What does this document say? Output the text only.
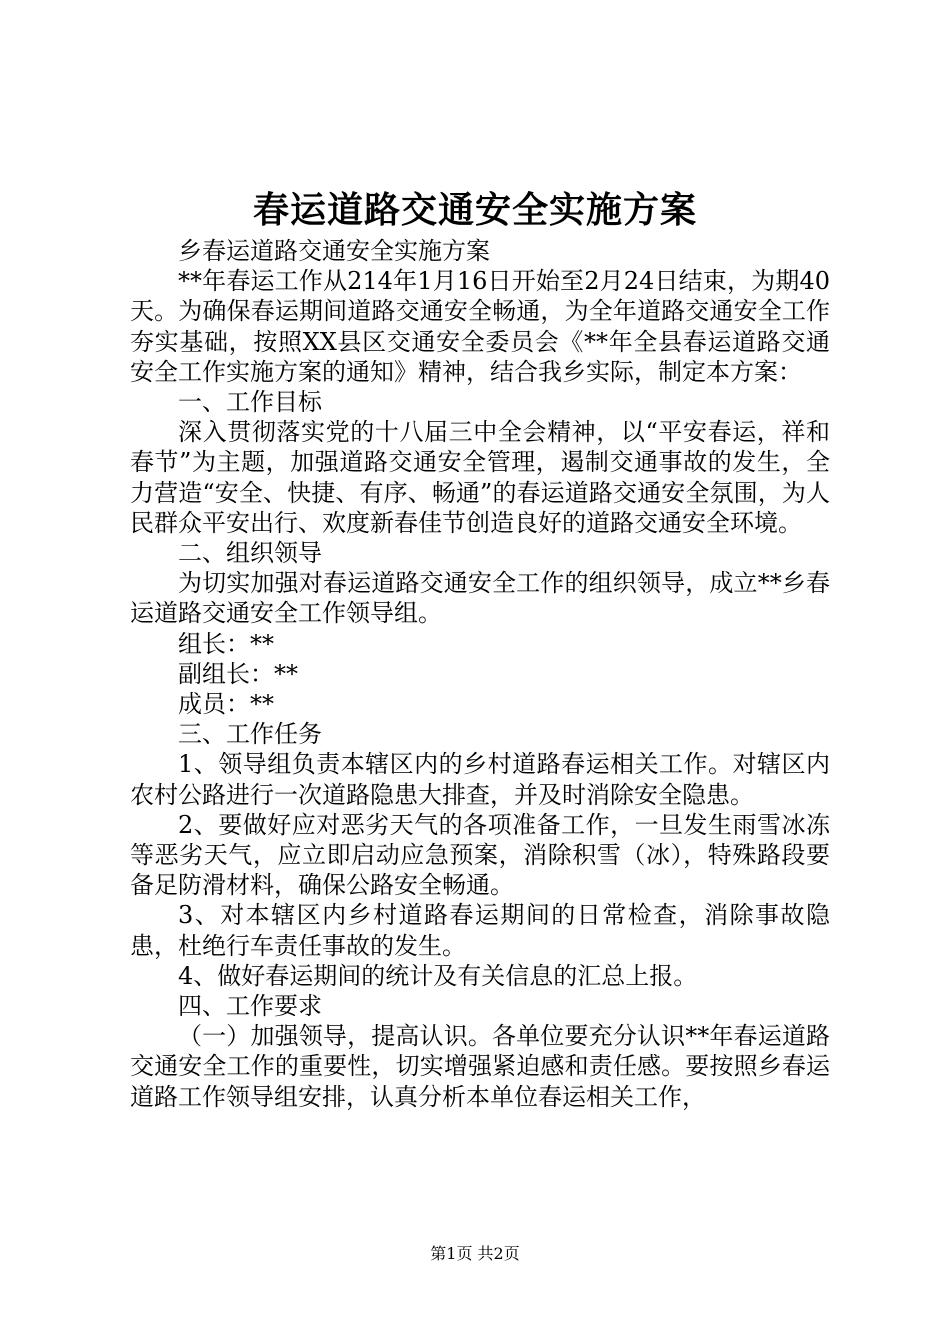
春运道路交通安全实施方案

乡春运道路交通安全实施方案

**年春运工作从214年1月16日开始至2月24日结束，为期40天。为确保春运期间道路交通安全畅通，为全年道路交通安全工作夯实基础，按照XX县区交通安全委员会《**年全县春运道路交通安全工作实施方案的通知》精神，结合我乡实际，制定本方案：

一、工作目标

深入贯彻落实党的十八届三中全会精神，以“平安春运，祥和春节”为主题，加强道路交通安全管理，遏制交通事故的发生，全力营造“安全、快捷、有序、畅通”的春运道路交通安全氛围，为人民群众平安出行、欢度新春佳节创造良好的道路交通安全环境。

二、组织领导

为切实加强对春运道路交通安全工作的组织领导，成立**乡春运道路交通安全工作领导组。

组长：**

副组长：**

成员：**

三、工作任务

1、领导组负责本辖区内的乡村道路春运相关工作。对辖区内农村公路进行一次道路隐患大排查，并及时消除安全隐患。

2、要做好应对恶劣天气的各项准备工作，一旦发生雨雪冰冻等恶劣天气，应立即启动应急预案，消除积雪（冰），特殊路段要备足防滑材料，确保公路安全畅通。

3、对本辖区内乡村道路春运期间的日常检查，消除事故隐患，杜绝行车责任事故的发生。

4、做好春运期间的统计及有关信息的汇总上报。

四、工作要求

（一）加强领导，提高认识。各单位要充分认识**年春运道路交通安全工作的重要性，切实增强紧迫感和责任感。要按照乡春运道路工作领导组安排，认真分析本单位春运相关工作，

第1页 共2页
